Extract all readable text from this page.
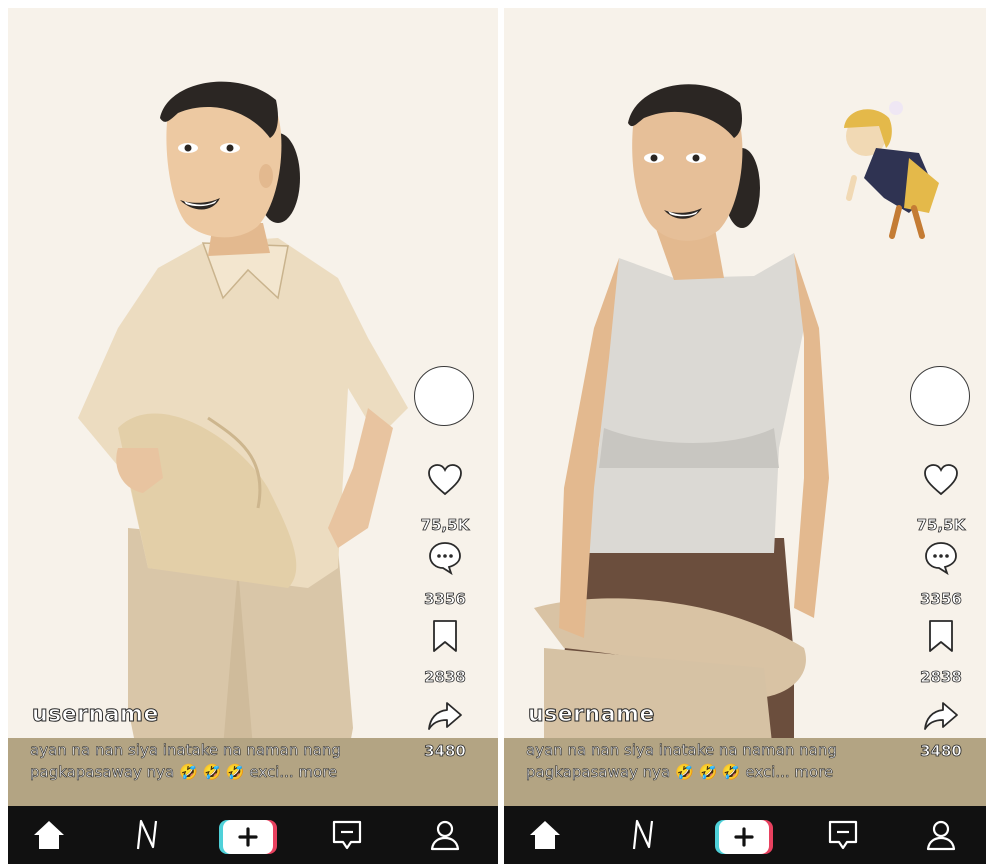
username
ayan na nan siya inatake na naman nang
pagkapasaway nya 🤣 🤣 🤣 exci... more
75,5K
3356
2838
3480
username
ayan na nan siya inatake na naman nang
pagkapasaway nya 🤣 🤣 🤣 exci... more
75,5K
3356
2838
3480
